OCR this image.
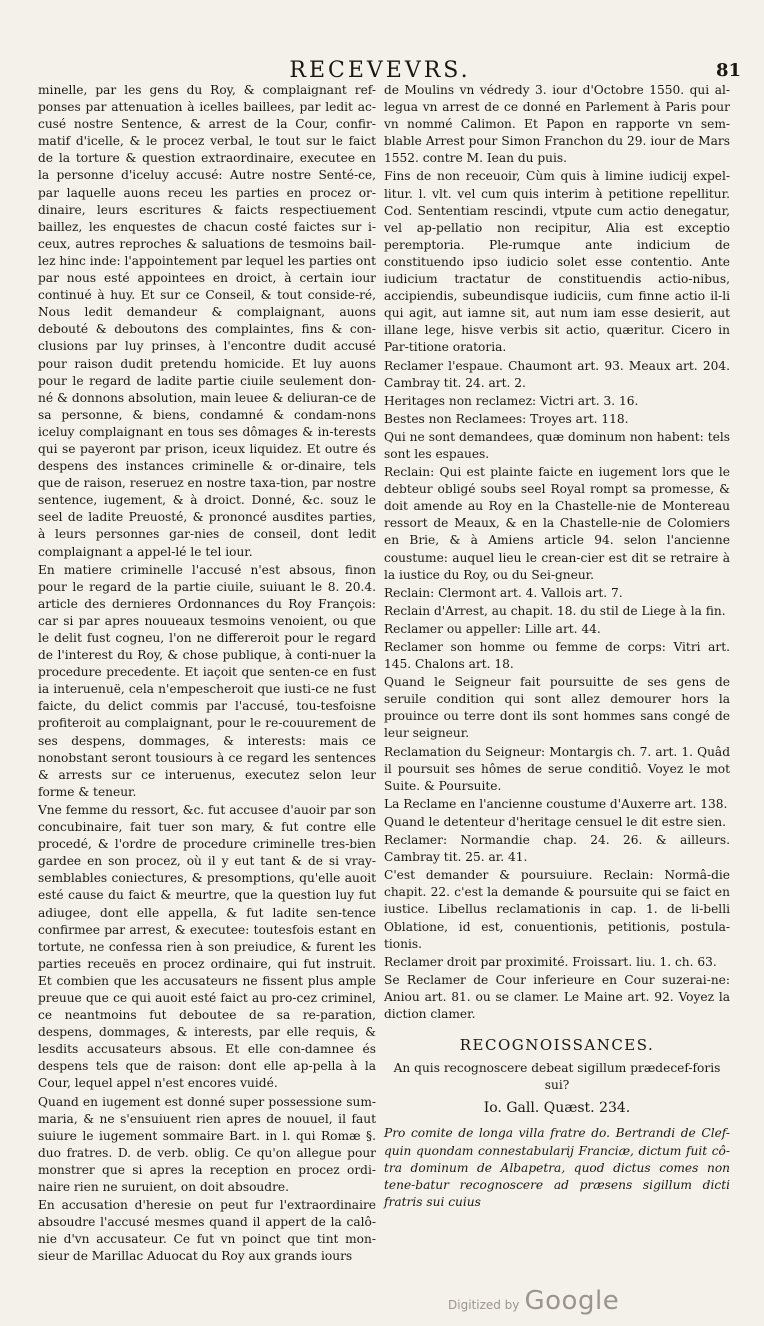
RECEVEVRS.	81

minelle, par les gens du Roy, & complaignant ref-ponses par attenuation à icelles baillees, par ledit ac-cusé nostre Sentence, & arrest de la Cour, confir-matif d'icelle, & le procez verbal, le tout sur le faict de la torture & question extraordinaire, executee en la personne d'iceluy accusé: Autre nostre Senté-ce, par laquelle auons receu les parties en procez or-dinaire, leurs escritures & faicts respectiuement baillez, les enquestes de chacun costé faictes sur i-ceux, autres reproches & saluations de tesmoins bail-lez hinc inde: l'appointement par lequel les parties ont par nous esté appointees en droict, à certain iour continué à huy. Et sur ce Conseil, & tout conside-ré, Nous ledit demandeur & complaignant, auons debouté & deboutons des complaintes, fins & con-clusions par luy prinses, à l'encontre dudit accusé pour raison dudit pretendu homicide. Et luy auons pour le regard de ladite partie ciuile seulement don-né & donnons absolution, main leuee & deliuran-ce de sa personne, & biens, condamné & condam-nons iceluy complaignant en tous ses dômages & in-terests qui se payeront par prison, iceux liquidez. Et outre és despens des instances criminelle & or-dinaire, tels que de raison, reseruez en nostre taxa-tion, par nostre sentence, iugement, & à droict. Donné, &c. souz le seel de ladite Preuosté, & prononcé ausdites parties, à leurs personnes gar-nies de conseil, dont ledit complaignant a appel-lé le tel iour.

En matiere criminelle l'accusé n'est absous, finon pour le regard de la partie ciuile, suiuant le 8. 20.4. article des dernieres Ordonnances du Roy François: car si par apres nouueaux tesmoins venoient, ou que le delit fust cogneu, l'on ne differeroit pour le regard de l'interest du Roy, & chose publique, à conti-nuer la procedure precedente. Et iaçoit que senten-ce en fust ia interuenuë, cela n'empescheroit que iusti-ce ne fust faicte, du delict commis par l'accusé, tou-tesfoisne profiteroit au complaignant, pour le re-couurement de ses despens, dommages, & interests: mais ce nonobstant seront tousiours à ce regard les sentences & arrests sur ce interuenus, executez selon leur forme & teneur.

Vne femme du ressort, &c. fut accusee d'auoir par son concubinaire, fait tuer son mary, & fut contre elle procedé, & l'ordre de procedure criminelle tres-bien gardee en son procez, où il y eut tant & de si vray-semblables coniectures, & presomptions, qu'elle auoit esté cause du faict & meurtre, que la question luy fut adiugee, dont elle appella, & fut ladite sen-tence confirmee par arrest, & executee: toutesfois estant en tortute, ne confessa rien à son preiudice, & furent les parties receuës en procez ordinaire, qui fut instruit. Et combien que les accusateurs ne fissent plus ample preuue que ce qui auoit esté faict au pro-cez criminel, ce neantmoins fut deboutee de sa re-paration, despens, dommages, & interests, par elle requis, & lesdits accusateurs absous. Et elle con-damnee és despens tels que de raison: dont elle ap-pella à la Cour, lequel appel n'est encores vuidé.

Quand en iugement est donné super possessione sum-maria, & ne s'ensuiuent rien apres de nouuel, il faut suiure le iugement sommaire Bart. in l. qui Romæ §. duo fratres. D. de verb. oblig. Ce qu'on allegue pour monstrer que si apres la reception en procez ordi-naire rien ne suruient, on doit absoudre.

En accusation d'heresie on peut fur l'extraordinaire absoudre l'accusé mesmes quand il appert de la calô-nie d'vn accusateur. Ce fut vn poinct que tint mon-sieur de Marillac Aduocat du Roy aux grands iours

de Moulins vn védredy 3. iour d'Octobre 1550. qui al-legua vn arrest de ce donné en Parlement à Paris pour vn nommé Calimon. Et Papon en rapporte vn sem-blable Arrest pour Simon Franchon du 29. iour de Mars 1552. contre M. Iean du puis.

Fins de non receuoir, Cùm quis à limine iudicij expel-litur. l. vlt. vel cum quis interim à petitione repellitur. Cod. Sententiam rescindi, vtpute cum actio denegatur, vel ap-pellatio non recipitur, Alia est exceptio peremptoria. Ple-rumque ante indicium de constituendo ipso iudicio solet esse contentio. Ante iudicium tractatur de constituendis actio-nibus, accipiendis, subeundisque iudiciis, cum finne actio il-li qui agit, aut iamne sit, aut num iam esse desierit, aut illane lege, hisve verbis sit actio, quæritur. Cicero in Par-titione oratoria.

Reclamer l'espaue. Chaumont art. 93. Meaux art. 204. Cambray tit. 24. art. 2.

Heritages non reclamez: Victri art. 3. 16.

Bestes non Reclamees: Troyes art. 118.

Qui ne sont demandees, quæ dominum non habent: tels sont les espaues.

Reclain: Qui est plainte faicte en iugement lors que le debteur obligé soubs seel Royal rompt sa promesse, & doit amende au Roy en la Chastelle-nie de Montereau ressort de Meaux, & en la Chastelle-nie de Colomiers en Brie, & à Amiens article 94. selon l'ancienne coustume: auquel lieu le crean-cier est dit se retraire à la iustice du Roy, ou du Sei-gneur.

Reclain: Clermont art. 4. Vallois art. 7.

Reclain d'Arrest, au chapit. 18. du stil de Liege à la fin.

Reclamer ou appeller: Lille art. 44.

Reclamer son homme ou femme de corps: Vitri art. 145. Chalons art. 18.

Quand le Seigneur fait poursuitte de ses gens de seruile condition qui sont allez demourer hors la prouince ou terre dont ils sont hommes sans congé de leur seigneur.

Reclamation du Seigneur: Montargis ch. 7. art. 1. Quâd il poursuit ses hômes de serue conditiô. Voyez le mot Suite. & Poursuite.

La Reclame en l'ancienne coustume d'Auxerre art. 138.

Quand le detenteur d'heritage censuel le dit estre sien.

Reclamer: Normandie chap. 24. 26. & ailleurs. Cambray tit. 25. ar. 41.

C'est demander & poursuiure. Reclain: Normâ-die chapit. 22. c'est la demande & poursuite qui se faict en iustice. Libellus reclamationis in cap. 1. de li-belli Oblatione, id est, conuentionis, petitionis, postula-tionis.

Reclamer droit par proximité. Froissart. liu. 1. ch. 63.

Se Reclamer de Cour inferieure en Cour suzerai-ne: Aniou art. 81. ou se clamer. Le Maine art. 92. Voyez la diction clamer.

RECOGNOISSANCES.

An quis recognoscere debeat sigillum prædecef-foris sui?

Io. Gall. Quæst. 234.

Pro comite de longa villa fratre do. Bertrandi de Clef-quin quondam connestabularij Franciæ, dictum fuit cô-tra dominum de Albapetra, quod dictus comes non tene-batur recognoscere ad præsens sigillum dicti fratris sui cuius

Digitized by Google
